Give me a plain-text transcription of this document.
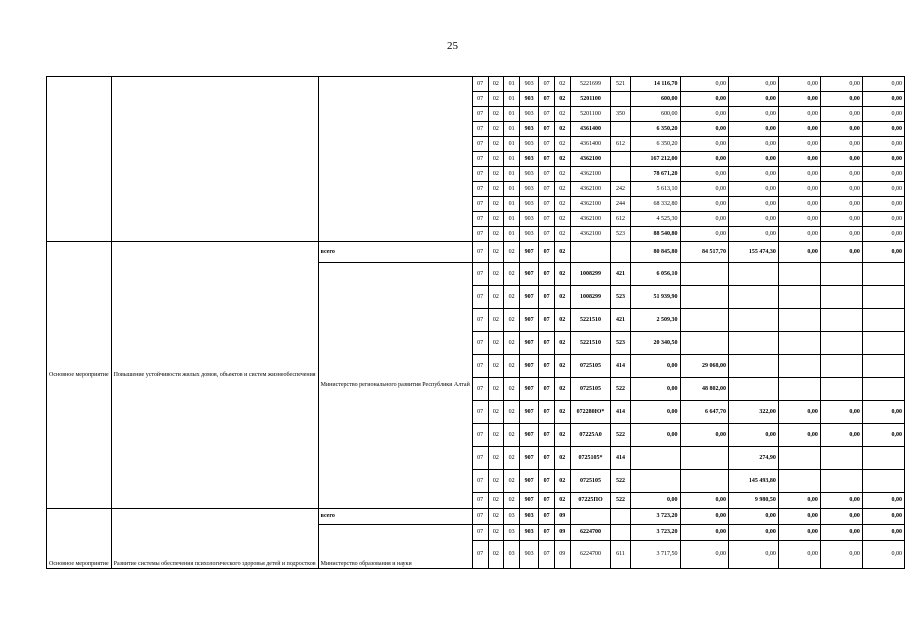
25
			07	02	01	903	07	02	5221699	521	14 116,70	0,00	0,00	0,00	0,00	0,00
			07	02	01	903	07	02	5201100		600,00	0,00	0,00	0,00	0,00	0,00
			07	02	01	903	07	02	5201100	350	600,00	0,00	0,00	0,00	0,00	0,00
			07	02	01	903	07	02	4361400		6 350,20	0,00	0,00	0,00	0,00	0,00
			07	02	01	903	07	02	4361400	612	6 350,20	0,00	0,00	0,00	0,00	0,00
			07	02	01	903	07	02	4362100		167 212,00	0,00	0,00	0,00	0,00	0,00
			07	02	01	903	07	02	4362100		78 671,20	0,00	0,00	0,00	0,00	0,00
			07	02	01	903	07	02	4362100	242	5 613,10	0,00	0,00	0,00	0,00	0,00
			07	02	01	903	07	02	4362100	244	68 332,80	0,00	0,00	0,00	0,00	0,00
			07	02	01	903	07	02	4362100	612	4 525,30	0,00	0,00	0,00	0,00	0,00
			07	02	01	903	07	02	4362100	523	88 540,80	0,00	0,00	0,00	0,00	0,00
Основное мероприятие	Повышение устойчивости жилых домов, объектов и систем жизнеобеспечения	всего	07	02	02	907	07	02			80 845,80	84 517,70	155 474,30	0,00	0,00	0,00
		Министерство регионального развития Республики Алтай	07	02	02	907	07	02	1008299	421	6 056,10					
			07	02	02	907	07	02	1008299	523	51 939,90					
			07	02	02	907	07	02	5221510	421	2 509,30					
			07	02	02	907	07	02	5221510	523	20 340,50					
			07	02	02	907	07	02	0725105	414	0,00	29 068,00				
			07	02	02	907	07	02	0725105	522	0,00	48 802,00				
			07	02	02	907	07	02	072280Ю*	414	0,00	6 647,70	322,00	0,00	0,00	0,00
			07	02	02	907	07	02	07225А0	522	0,00	0,00	0,00	0,00	0,00	0,00
			07	02	02	907	07	02	0725105*	414			274,90			
			07	02	02	907	07	02	0725105	522			145 493,80			
			07	02	02	907	07	02	07225ПО	522	0,00	0,00	9 980,50	0,00	0,00	0,00
Основное мероприятие	Развитие системы обеспечения психологического здоровья детей и подростков	всего	07	02	03	903	07	09			3 723,20	0,00	0,00	0,00	0,00	0,00
		Министерство образования и науки	07	02	03	903	07	09	6224700		3 723,20	0,00	0,00	0,00	0,00	0,00
			07	02	03	903	07	09	6224700	611	3 717,50	0,00	0,00	0,00	0,00	0,00
